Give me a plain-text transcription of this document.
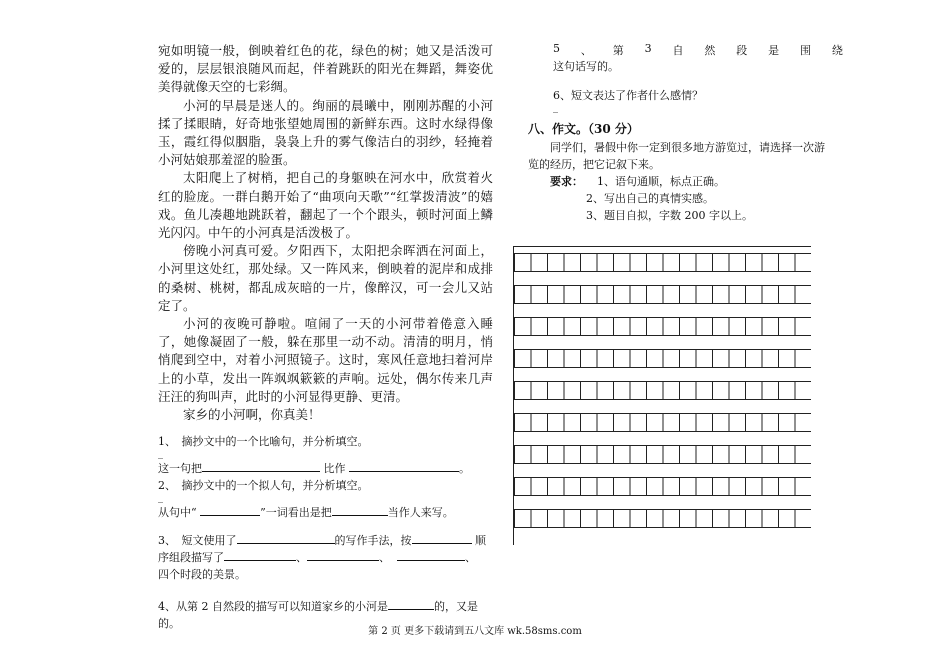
宛如明镜一般，倒映着红色的花，绿色的树；她又是活泼可爱的，层层银浪随风而起，伴着跳跃的阳光在舞蹈，舞姿优美得就像天空的七彩绸。

小河的早晨是迷人的。绚丽的晨曦中，刚刚苏醒的小河揉了揉眼睛，好奇地张望她周围的新鲜东西。这时水绿得像玉，霞红得似胭脂，袅袅上升的雾气像洁白的羽纱，轻掩着小河姑娘那羞涩的脸蛋。

太阳爬上了树梢，把自己的身躯映在河水中，欣赏着火红的脸庞。一群白鹅开始了“曲项向天歌”“红掌拨清波”的嬉戏。鱼儿凑趣地跳跃着，翻起了一个个跟头，顿时河面上鳞光闪闪。中午的小河真是活泼极了。

傍晚小河真可爱。夕阳西下，太阳把余晖洒在河面上，小河里这处红，那处绿。又一阵风来，倒映着的泥岸和成排的桑树、桃树，都乱成灰暗的一片，像醉汉，可一会儿又站定了。

小河的夜晚可静啦。喧闹了一天的小河带着倦意入睡了，她像凝固了一般，躲在那里一动不动。清清的明月，悄悄爬到空中，对着小河照镜子。这时，寒风任意地扫着河岸上的小草，发出一阵飒飒簌簌的声响。远处，偶尔传来几声汪汪的狗叫声，此时的小河显得更静、更清。

家乡的小河啊，你真美！

1、　摘抄文中的一个比喻句，并分析填空。

_

这一句把	比作	。

2、　摘抄文中的一个拟人句，并分析填空。

_

从句中“	”一词看出是把	当作人来写。

3、　短文使用了	的写作手法，按	顺
序组段描写了	、	、	、
四个时段的美景。

4、从第 2 自然段的描写可以知道家乡的小河是	的，又是
的。

5 、 第 3 自 然 段 是 围 绕

这句话写的。

6、短文表达了作者什么感情？

_
八、作文。（30 分）

同学们，暑假中你一定到很多地方游览过，请选择一次游览的经历，把它记叙下来。

要求： 1、语句通顺，标点正确。

2、写出自己的真情实感。

3、题目自拟，字数 200 字以上。

第 2 页 更多下载请到五八文库 wk.58sms.com
